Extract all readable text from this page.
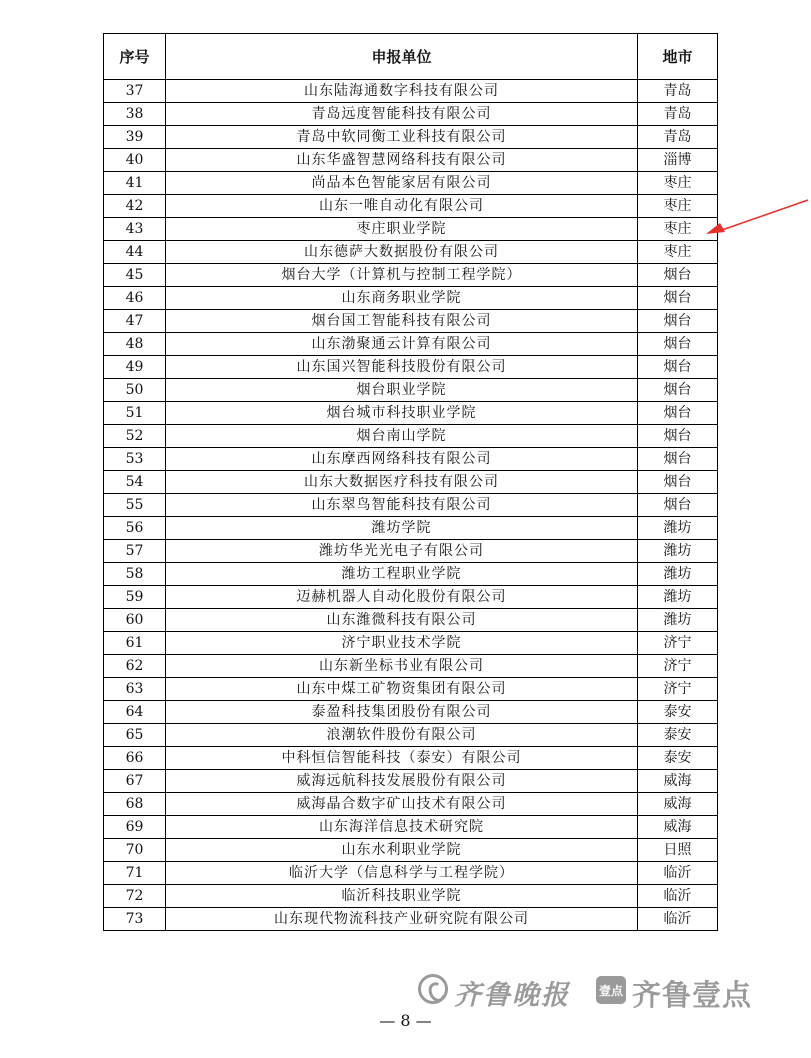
序号	申报单位	地市
37	山东陆海通数字科技有限公司	青岛
38	青岛远度智能科技有限公司	青岛
39	青岛中软同衡工业科技有限公司	青岛
40	山东华盛智慧网络科技有限公司	淄博
41	尚品本色智能家居有限公司	枣庄
42	山东一唯自动化有限公司	枣庄
43	枣庄职业学院	枣庄
44	山东德萨大数据股份有限公司	枣庄
45	烟台大学（计算机与控制工程学院）	烟台
46	山东商务职业学院	烟台
47	烟台国工智能科技有限公司	烟台
48	山东渤聚通云计算有限公司	烟台
49	山东国兴智能科技股份有限公司	烟台
50	烟台职业学院	烟台
51	烟台城市科技职业学院	烟台
52	烟台南山学院	烟台
53	山东摩西网络科技有限公司	烟台
54	山东大数据医疗科技有限公司	烟台
55	山东翠鸟智能科技有限公司	烟台
56	潍坊学院	潍坊
57	潍坊华光光电子有限公司	潍坊
58	潍坊工程职业学院	潍坊
59	迈赫机器人自动化股份有限公司	潍坊
60	山东潍微科技有限公司	潍坊
61	济宁职业技术学院	济宁
62	山东新坐标书业有限公司	济宁
63	山东中煤工矿物资集团有限公司	济宁
64	泰盈科技集团股份有限公司	泰安
65	浪潮软件股份有限公司	泰安
66	中科恒信智能科技（泰安）有限公司	泰安
67	威海远航科技发展股份有限公司	威海
68	威海晶合数字矿山技术有限公司	威海
69	山东海洋信息技术研究院	威海
70	山东水利职业学院	日照
71	临沂大学（信息科学与工程学院）	临沂
72	临沂科技职业学院	临沂
73	山东现代物流科技产业研究院有限公司	临沂
齐鲁晚报 壹点 齐鲁壹点
— 8 —
